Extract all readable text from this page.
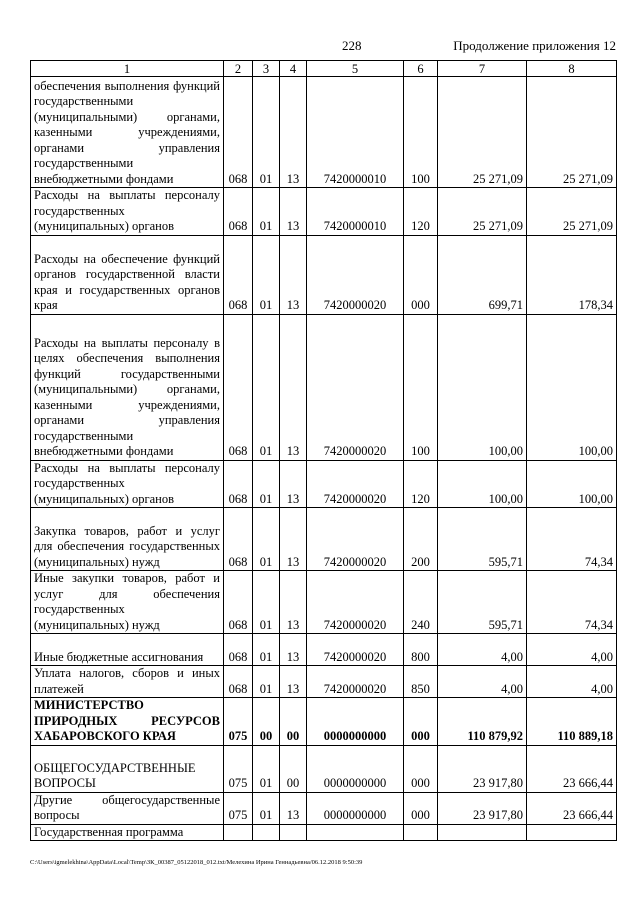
228	Продолжение приложения 12
1	2	3	4	5	6	7	8
обеспечения выполнения функций государственными (муниципальными) органами, казенными учреждениями, органами управления государственными внебюджетными фондами	068	01	13	7420000010	100	25 271,09	25 271,09
Расходы на выплаты персоналу государственных (муниципальных) органов	068	01	13	7420000010	120	25 271,09	25 271,09
Расходы на обеспечение функций органов государственной власти края и государственных органов края	068	01	13	7420000020	000	699,71	178,34
Расходы на выплаты персоналу в целях обеспечения выполнения функций государственными (муниципальными) органами, казенными учреждениями, органами управления государственными внебюджетными фондами	068	01	13	7420000020	100	100,00	100,00
Расходы на выплаты персоналу государственных (муниципальных) органов	068	01	13	7420000020	120	100,00	100,00
Закупка товаров, работ и услуг для обеспечения государственных (муниципальных) нужд	068	01	13	7420000020	200	595,71	74,34
Иные закупки товаров, работ и услуг для обеспечения государственных (муниципальных) нужд	068	01	13	7420000020	240	595,71	74,34
Иные бюджетные ассигнования	068	01	13	7420000020	800	4,00	4,00
Уплата налогов, сборов и иных платежей	068	01	13	7420000020	850	4,00	4,00
МИНИСТЕРСТВО ПРИРОДНЫХ РЕСУРСОВ ХАБАРОВСКОГО КРАЯ	075	00	00	0000000000	000	110 879,92	110 889,18
ОБЩЕГОСУДАРСТВЕННЫЕ ВОПРОСЫ	075	01	00	0000000000	000	23 917,80	23 666,44
Другие общегосударственные вопросы	075	01	13	0000000000	000	23 917,80	23 666,44
Государственная программа							
C:\Users\igmelekhina\AppData\Local\Temp\ЗК_00387_05122018_012.txt/Мелехина Ирина Геннадьевна/06.12.2018 9:50:39
